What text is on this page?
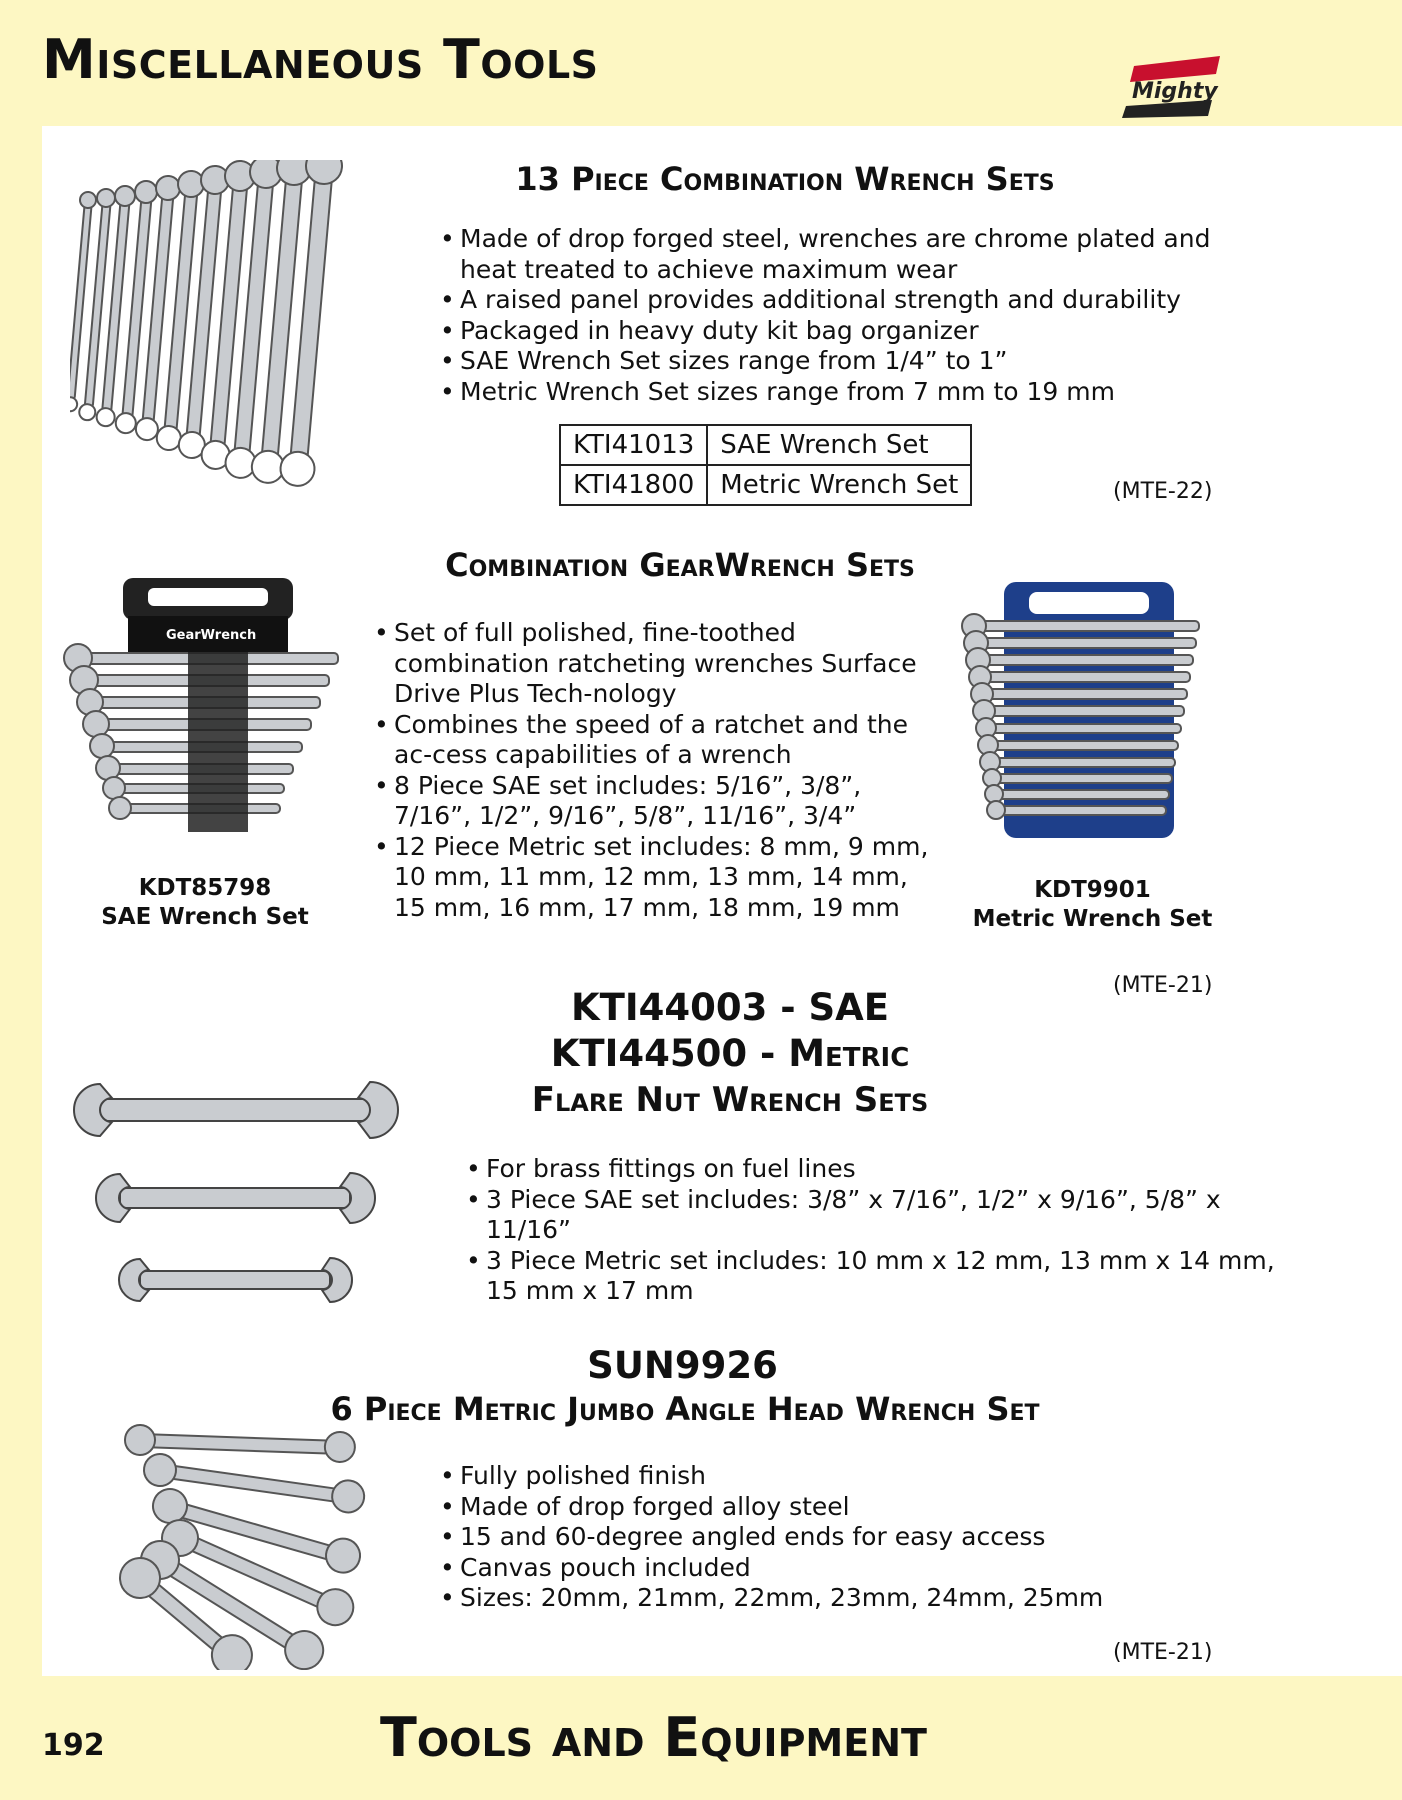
Miscellaneous Tools
Mighty
13 Piece Combination Wrench Sets
• Made of drop forged steel, wrenches are chrome plated and heat treated to achieve maximum wear
• A raised panel provides additional strength and durability
• Packaged in heavy duty kit bag organizer
• SAE Wrench Set sizes range from 1/4” to 1”
• Metric Wrench Set sizes range from 7 mm to 19 mm
KTI41013	SAE Wrench Set
KTI41800	Metric Wrench Set	(MTE-22)
Combination GearWrench Sets
GearWrench
KDT85798
SAE Wrench Set
• Set of full polished, fine-toothed combination ratcheting wrenches Surface Drive Plus Tech-nology
• Combines the speed of a ratchet and the ac-cess capabilities of a wrench
• 8 Piece SAE set includes: 5/16”, 3/8”, 7/16”, 1/2”, 9/16”, 5/8”, 11/16”, 3/4”
• 12 Piece Metric set includes: 8 mm, 9 mm, 10 mm, 11 mm, 12 mm, 13 mm, 14 mm, 15 mm, 16 mm, 17 mm, 18 mm, 19 mm
KDT9901
Metric Wrench Set
(MTE-21)
KTI44003 - SAE
KTI44500 - Metric
Flare Nut Wrench Sets
• For brass fittings on fuel lines
• 3 Piece SAE set includes: 3/8” x 7/16”, 1/2” x 9/16”, 5/8” x 11/16”
• 3 Piece Metric set includes: 10 mm x 12 mm, 13 mm x 14 mm, 15 mm x 17 mm
SUN9926
6 Piece Metric Jumbo Angle Head Wrench Set
• Fully polished finish
• Made of drop forged alloy steel
• 15 and 60-degree angled ends for easy access
• Canvas pouch included
• Sizes: 20mm, 21mm, 22mm, 23mm, 24mm, 25mm
(MTE-21)
192	Tools and Equipment
